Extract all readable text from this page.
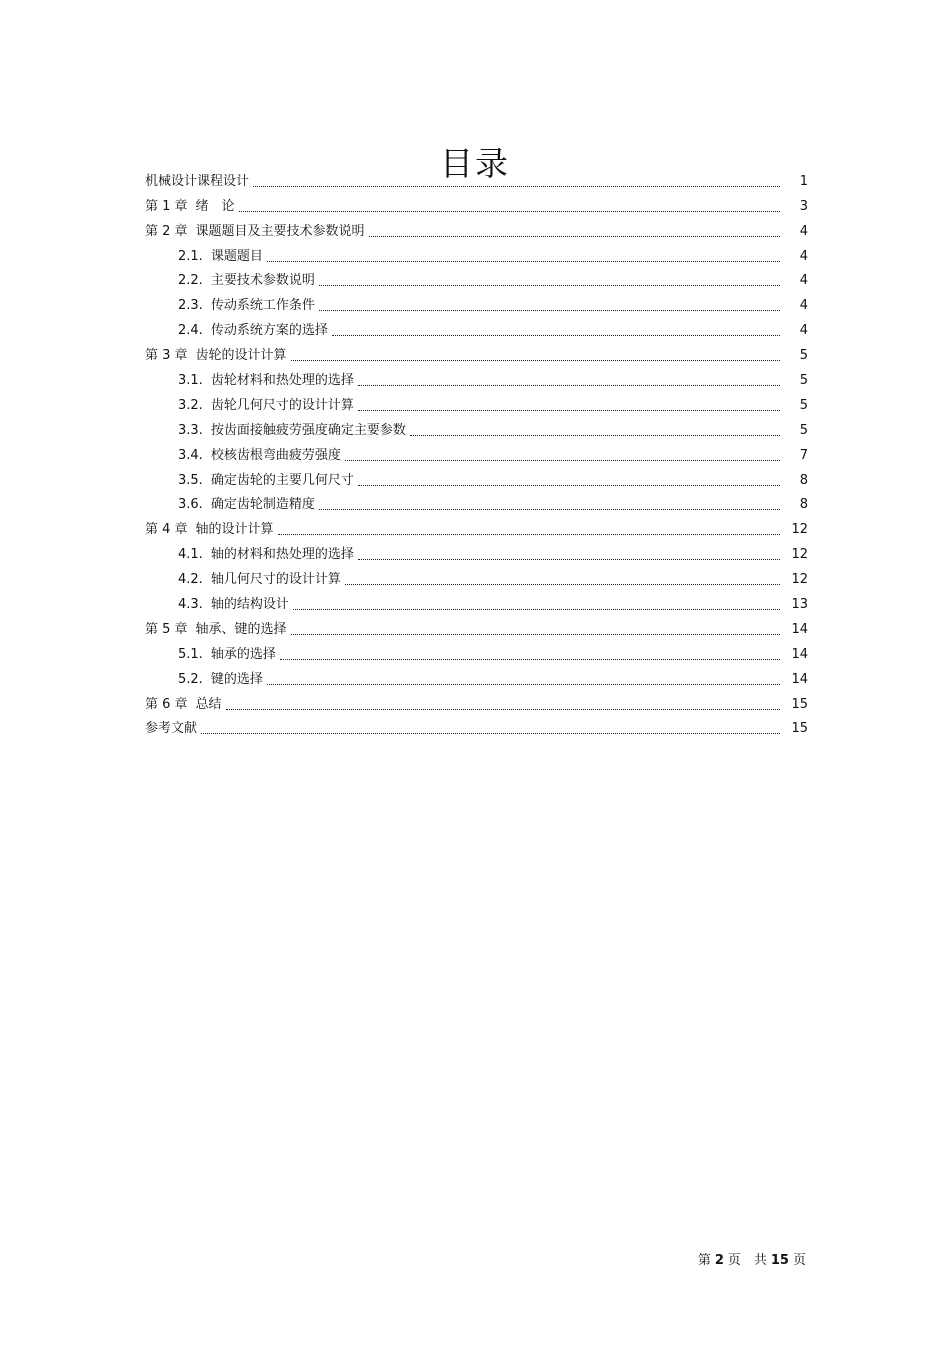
目录
机械设计课程设计	1
第 1 章 绪　论	3
第 2 章 课题题目及主要技术参数说明	4
2.1. 课题题目	4
2.2. 主要技术参数说明	4
2.3. 传动系统工作条件	4
2.4. 传动系统方案的选择	4
第 3 章 齿轮的设计计算	5
3.1. 齿轮材料和热处理的选择	5
3.2. 齿轮几何尺寸的设计计算	5
3.3. 按齿面接触疲劳强度确定主要参数	5
3.4. 校核齿根弯曲疲劳强度	7
3.5. 确定齿轮的主要几何尺寸	8
3.6. 确定齿轮制造精度	8
第 4 章 轴的设计计算	12
4.1. 轴的材料和热处理的选择	12
4.2. 轴几何尺寸的设计计算	12
4.3. 轴的结构设计	13
第 5 章 轴承、键的选择	14
5.1. 轴承的选择	14
5.2. 键的选择	14
第 6 章 总结	15
参考文献	15
第 2 页　共 15 页
